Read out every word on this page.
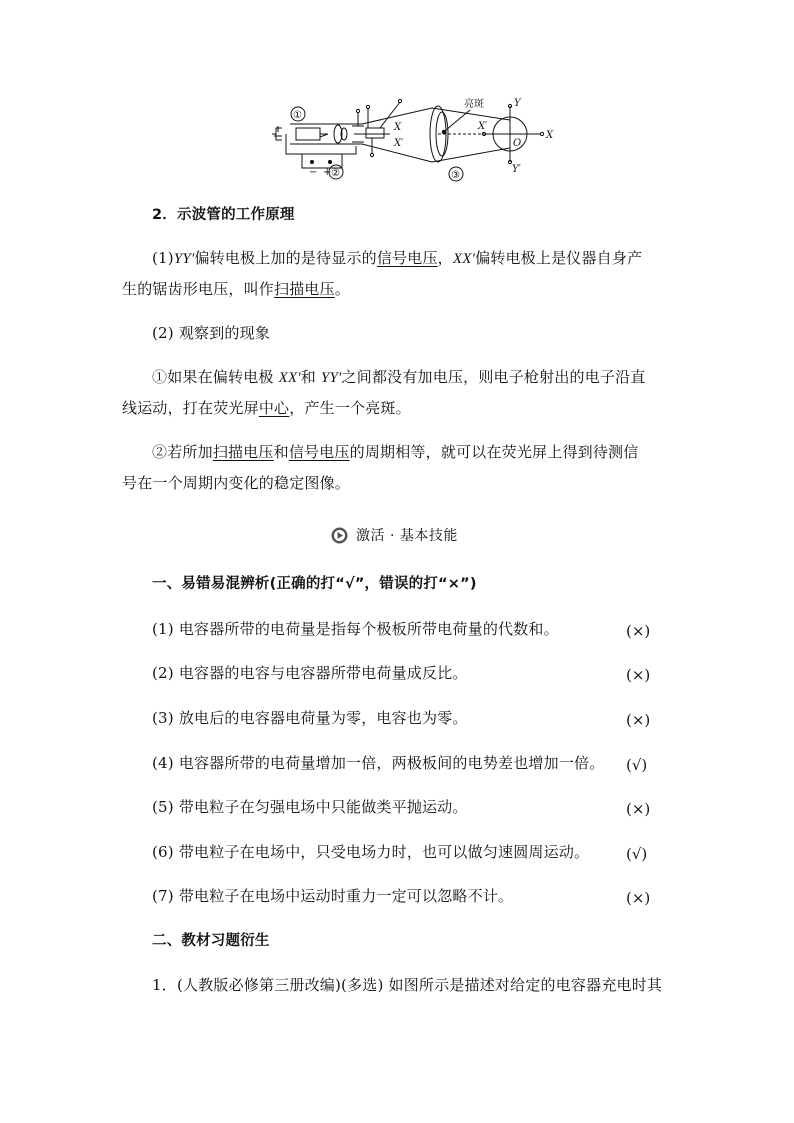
①
②	③
亮斑	Y
Y′
X
X′	O
X′
X
− +
2．示波管的工作原理
(1)YY′偏转电极上加的是待显示的信号电压，XX′偏转电极上是仪器自身产
生的锯齿形电压，叫作扫描电压。
(2) 观察到的现象
①如果在偏转电极 XX′和 YY′之间都没有加电压，则电子枪射出的电子沿直
线运动，打在荧光屏中心，产生一个亮斑。
②若所加扫描电压和信号电压的周期相等，就可以在荧光屏上得到待测信
号在一个周期内变化的稳定图像。
激活 · 基本技能
一、易错易混辨析(正确的打“√”，错误的打“×”)
(1) 电容器所带的电荷量是指每个极板所带电荷量的代数和。	(×)
(2) 电容器的电容与电容器所带电荷量成反比。	(×)
(3) 放电后的电容器电荷量为零，电容也为零。	(×)
(4) 电容器所带的电荷量增加一倍，两极板间的电势差也增加一倍。 (√)
(5) 带电粒子在匀强电场中只能做类平抛运动。	(×)
(6) 带电粒子在电场中，只受电场力时，也可以做匀速圆周运动。 (√)
(7) 带电粒子在电场中运动时重力一定可以忽略不计。	(×)
二、教材习题衍生
1．(人教版必修第三册改编)(多选) 如图所示是描述对给定的电容器充电时其
